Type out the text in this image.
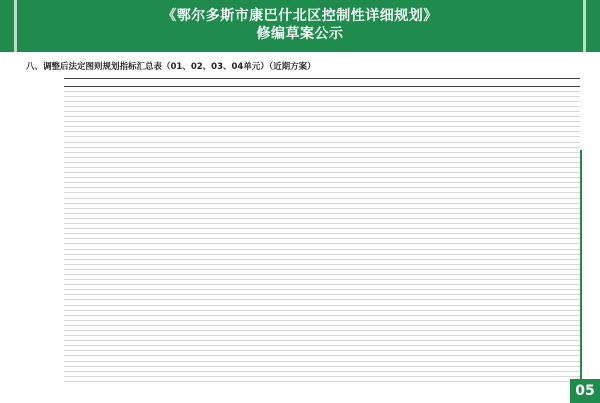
《鄂尔多斯市康巴什北区控制性详细规划》
修编草案公示
八、调整后法定图则规划指标汇总表（01、02、03、04单元）（近期方案）

05
